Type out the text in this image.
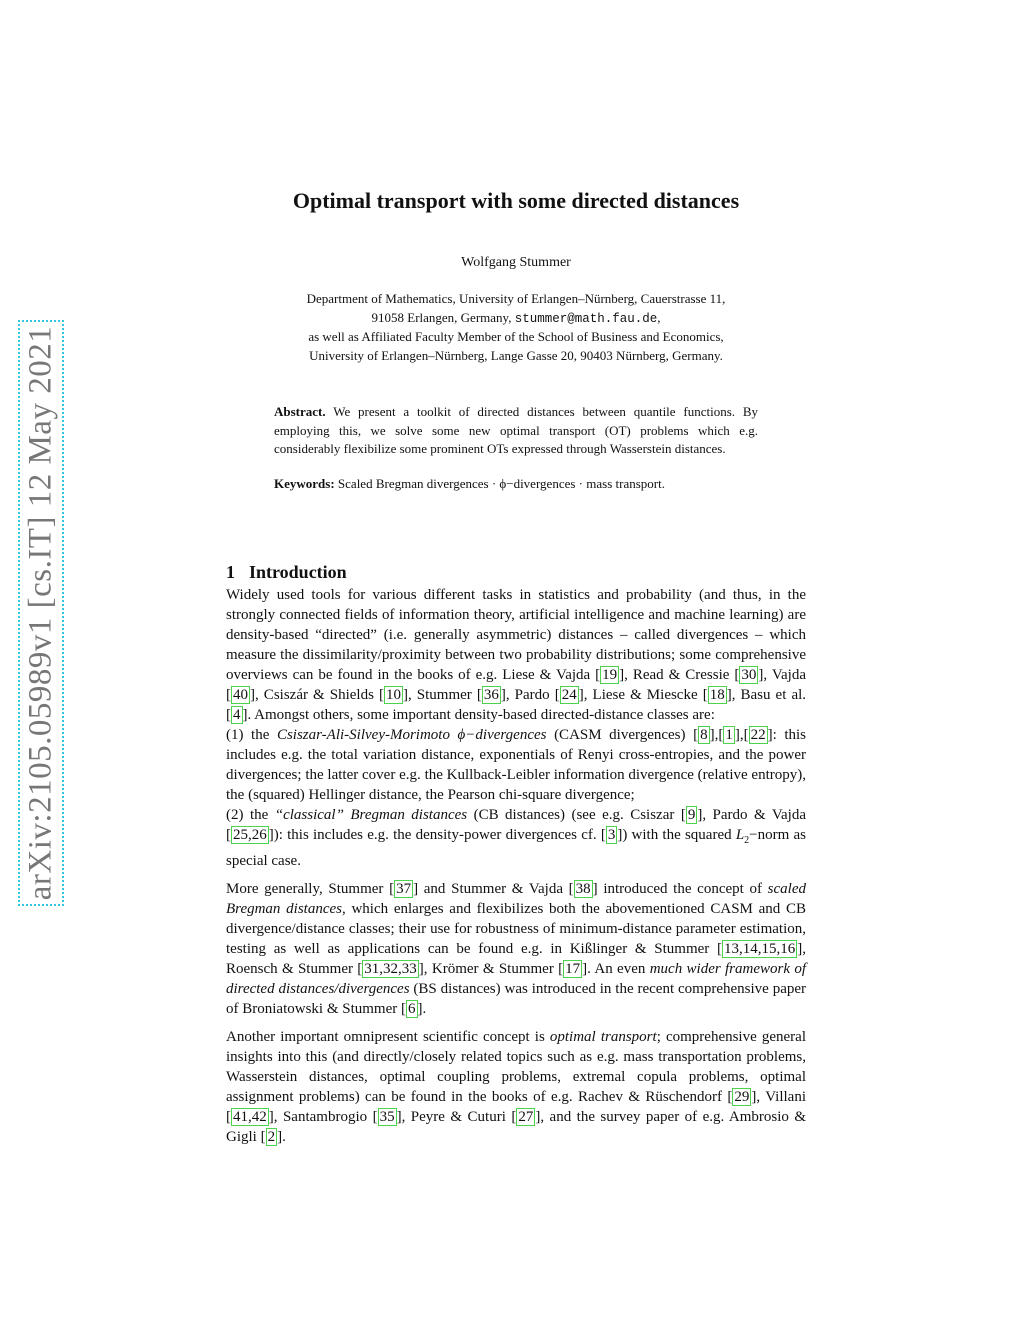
arXiv:2105.05989v1 [cs.IT] 12 May 2021
Optimal transport with some directed distances
Wolfgang Stummer
Department of Mathematics, University of Erlangen–Nürnberg, Cauerstrasse 11,
91058 Erlangen, Germany, stummer@math.fau.de,
as well as Affiliated Faculty Member of the School of Business and Economics,
University of Erlangen–Nürnberg, Lange Gasse 20, 90403 Nürnberg, Germany.

Abstract. We present a toolkit of directed distances between quantile functions. By employing this, we solve some new optimal transport (OT) problems which e.g. considerably flexibilize some prominent OTs expressed through Wasserstein distances.

Keywords: Scaled Bregman divergences · ϕ−divergences · mass transport.

1 Introduction

Widely used tools for various different tasks in statistics and probability (and thus, in the strongly connected fields of information theory, artificial intelligence and machine learning) are density-based “directed” (i.e. generally asymmetric) distances – called divergences – which measure the dissimilarity/proximity between two probability distributions; some comprehensive overviews can be found in the books of e.g. Liese & Vajda [ 19 ], Read & Cressie [ 30 ], Vajda [ 40 ], Csiszár & Shields [ 10 ], Stummer [ 36 ], Pardo [ 24 ], Liese & Miescke [ 18 ], Basu et al. [ 4 ]. Amongst others, some important density-based directed-distance classes are:
(1) the Csiszar-Ali-Silvey-Morimoto ϕ−divergences (CASM divergences) [ 8 ],[ 1 ],[ 22 ]: this includes e.g. the total variation distance, exponentials of Renyi cross-entropies, and the power divergences; the latter cover e.g. the Kullback-Leibler information divergence (relative entropy), the (squared) Hellinger distance, the Pearson chi-square divergence;
(2) the “classical” Bregman distances (CB distances) (see e.g. Csiszar [ 9 ], Pardo & Vajda [ 25,26 ]): this includes e.g. the density-power divergences cf. [ 3 ]) with the squared $L_2-norm$ as special case.

More generally, Stummer [ 37 ] and Stummer & Vajda [ 38 ] introduced the concept of scaled Bregman distances, which enlarges and flexibilizes both the abovementioned CASM and CB divergence/distance classes; their use for robustness of minimum-distance parameter estimation, testing as well as applications can be found e.g. in Kißlinger & Stummer [ 13,14,15,16 ], Roensch & Stummer [ 31,32,33 ], Krömer & Stummer [ 17 ]. An even much wider framework of directed distances/divergences (BS distances) was introduced in the recent comprehensive paper of Broniatowski & Stummer [ 6 ].

Another important omnipresent scientific concept is optimal transport; comprehensive general insights into this (and directly/closely related topics such as e.g. mass transportation problems, Wasserstein distances, optimal coupling problems, extremal copula problems, optimal assignment problems) can be found in the books of e.g. Rachev & Rüschendorf [ 29 ], Villani [ 41,42 ], Santambrogio [ 35 ], Peyre & Cuturi [ 27 ], and the survey paper of e.g. Ambrosio & Gigli [ 2 ].
